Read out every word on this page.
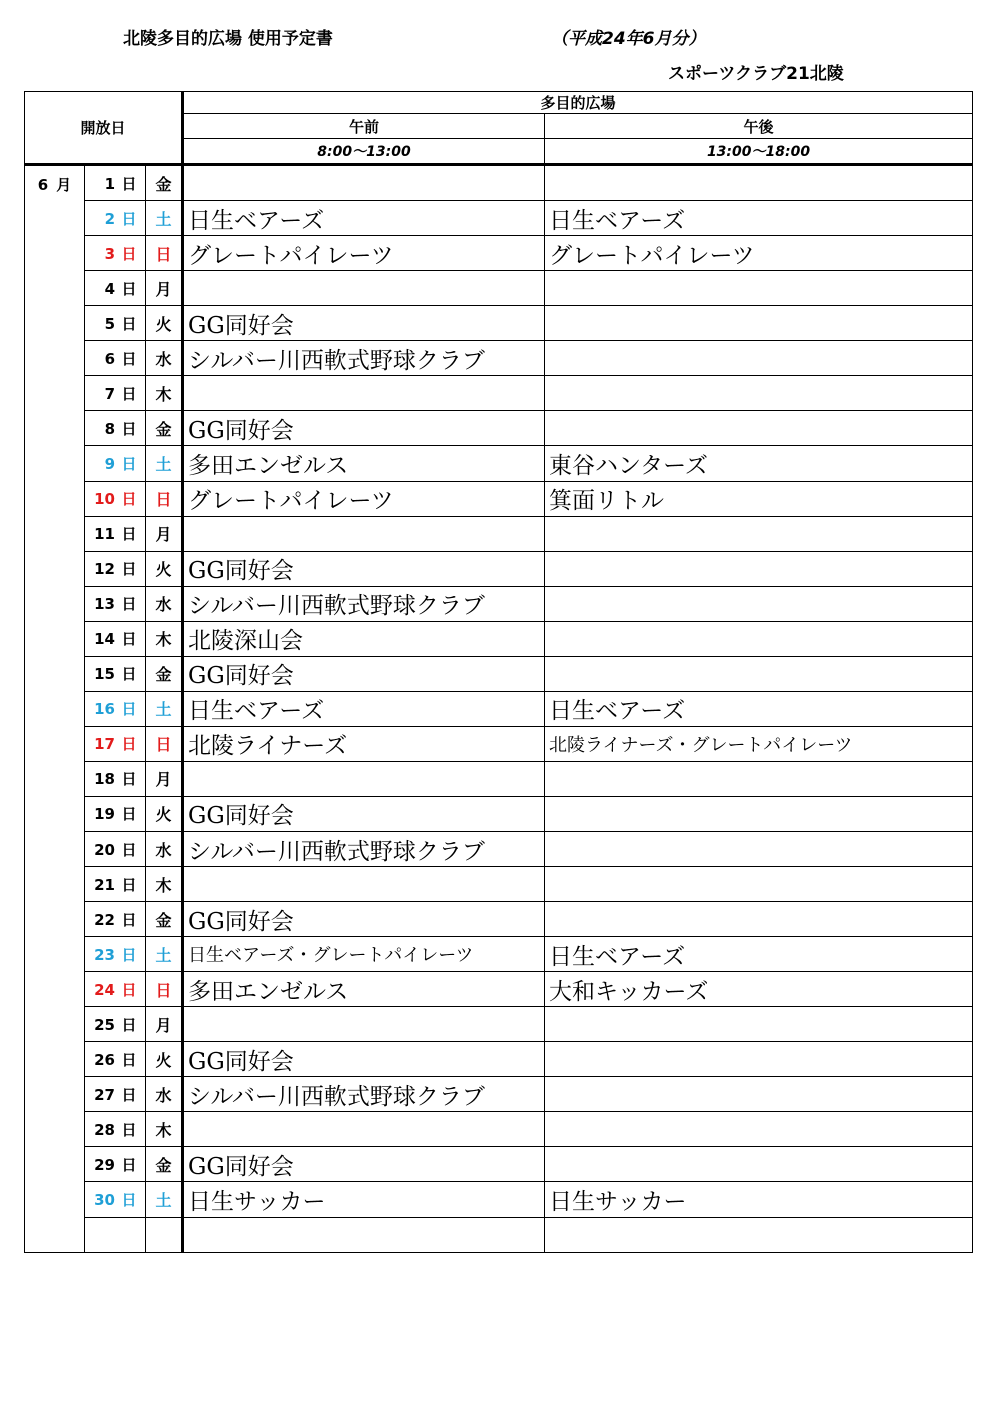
北陵多目的広場 使用予定書	（平成24年6月分）
スポーツクラブ21北陵
開放日			多目的広場	
			午前	午後
			8:00～13:00	13:00～18:00
6 月	1 日	金		
	2 日	土	日生ベアーズ	日生ベアーズ
	3 日	日	グレートパイレーツ	グレートパイレーツ
	4 日	月		
	5 日	火	GG同好会	
	6 日	水	シルバー川西軟式野球クラブ	
	7 日	木		
	8 日	金	GG同好会	
	9 日	土	多田エンゼルス	東谷ハンターズ
	10 日	日	グレートパイレーツ	箕面リトル
	11 日	月		
	12 日	火	GG同好会	
	13 日	水	シルバー川西軟式野球クラブ	
	14 日	木	北陵深山会	
	15 日	金	GG同好会	
	16 日	土	日生ベアーズ	日生ベアーズ
	17 日	日	北陵ライナーズ	北陵ライナーズ・グレートパイレーツ
	18 日	月		
	19 日	火	GG同好会	
	20 日	水	シルバー川西軟式野球クラブ	
	21 日	木		
	22 日	金	GG同好会	
	23 日	土	日生ベアーズ・グレートパイレーツ	日生ベアーズ
	24 日	日	多田エンゼルス	大和キッカーズ
	25 日	月		
	26 日	火	GG同好会	
	27 日	水	シルバー川西軟式野球クラブ	
	28 日	木		
	29 日	金	GG同好会	
	30 日	土	日生サッカー	日生サッカー
